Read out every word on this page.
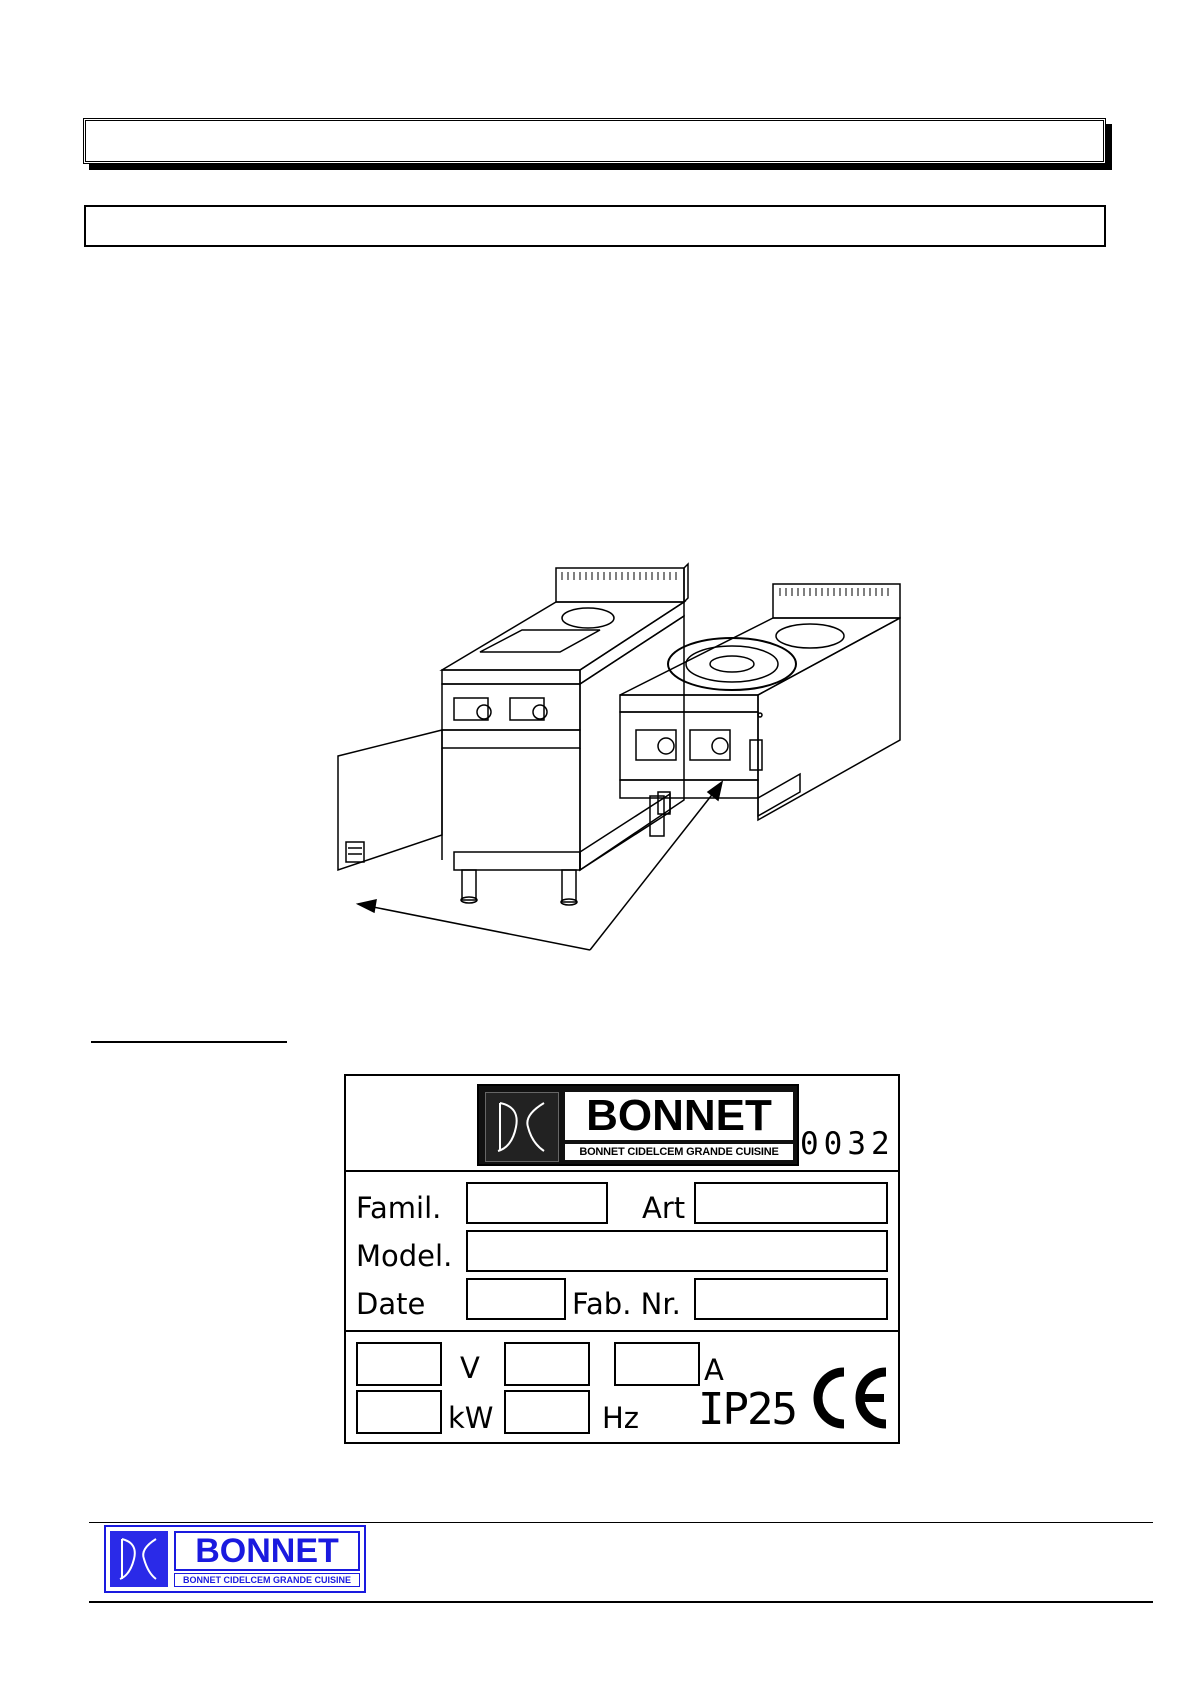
BONNET
BONNET CIDELCEM GRANDE CUISINE 0032
Famil.	Art
Model.
Date	Fab. Nr.
V	A
kW	Hz IP25
BONNET
BONNET CIDELCEM GRANDE CUISINE
